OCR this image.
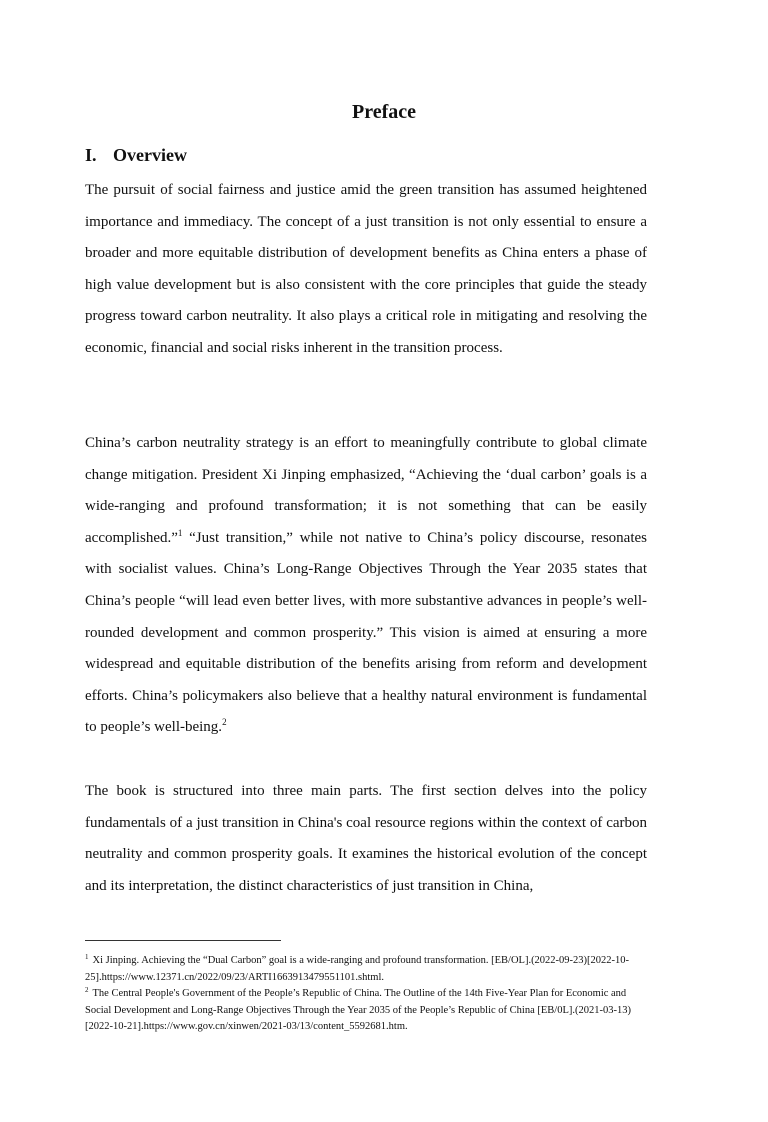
Preface
I. Overview

The pursuit of social fairness and justice amid the green transition has assumed heightened importance and immediacy. The concept of a just transition is not only essential to ensure a broader and more equitable distribution of development benefits as China enters a phase of high value development but is also consistent with the core principles that guide the steady progress toward carbon neutrality. It also plays a critical role in mitigating and resolving the economic, financial and social risks inherent in the transition process.

China’s carbon neutrality strategy is an effort to meaningfully contribute to global climate change mitigation. President Xi Jinping emphasized, “Achieving the ‘dual carbon’ goals is a wide-ranging and profound transformation; it is not something that can be easily accomplished.”$^1$ “Just transition,” while not native to China’s policy discourse, resonates with socialist values. China’s Long-Range Objectives Through the Year 2035 states that China’s people “will lead even better lives, with more substantive advances in people’s well-rounded development and common prosperity.” This vision is aimed at ensuring a more widespread and equitable distribution of the benefits arising from reform and development efforts. China’s policymakers also believe that a healthy natural environment is fundamental to people’s well-being.$^2$

The book is structured into three main parts. The first section delves into the policy fundamentals of a just transition in China's coal resource regions within the context of carbon neutrality and common prosperity goals. It examines the historical evolution of the concept and its interpretation, the distinct characteristics of just transition in China,

$^1$ Xi Jinping. Achieving the “Dual Carbon” goal is a wide-ranging and profound transformation. [EB/OL].(2022-09-23)[2022-10-25].https://www.12371.cn/2022/09/23/ARTI1663913479551101.shtml.

$^2$ The Central People's Government of the People’s Republic of China. The Outline of the 14th Five-Year Plan for Economic and Social Development and Long-Range Objectives Through the Year 2035 of the People’s Republic of China [EB/0L].(2021-03-13)[2022-10-21].https://www.gov.cn/xinwen/2021-03/13/content_5592681.htm.
